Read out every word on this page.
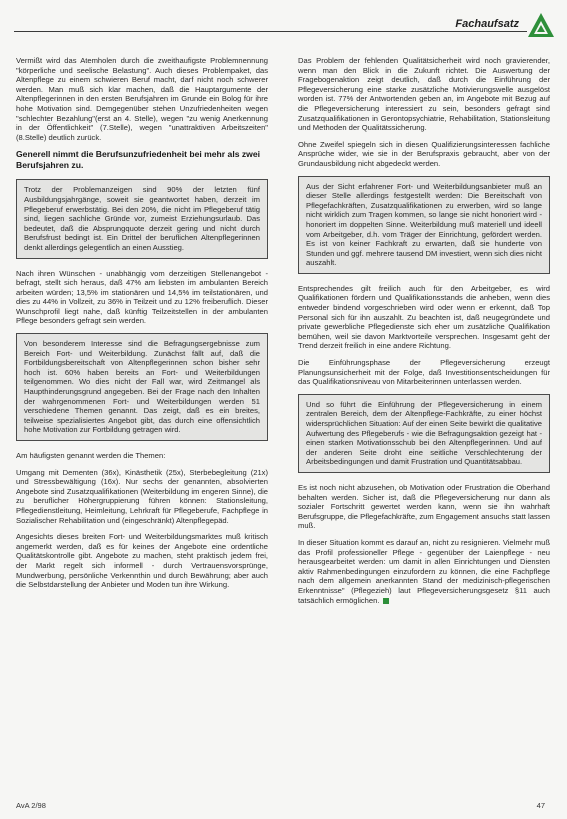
Fachaufsatz

Vermißt wird das Atemholen durch die zweithaufigste Problemnennung "körperliche und seelische Belastung". Auch dieses Problempaket, das Altenpflege zu einem schwieren Beruf macht, darf nicht noch schwerer werden. Man muß sich klar machen, daß die Hauptargumente der Altenpflegerinnen in den ersten Berufsjahren im Grunde ein Bolog für ihre hohe Motivation sind. Demgegenüber stehen Unzufriedenheiten wegen "schlechter Bezahlung"(erst an 4. Stelle), wegen "zu wenig Anerkennung in der Öffentlichkeit" (7.Stelle), wegen "unattraktiven Arbeitszeiten" (8.Stelle) deutlich zurück.

Generell nimmt die Berufsunzufriedenheit bei mehr als zwei Berufsjahren zu.

Trotz der Problemanzeigen sind 90% der letzten fünf Ausbildungsjahrgänge, soweit sie geantwortet haben, derzeit im Pflegeberuf erwerbstätig. Bei den 20%, die nicht im Pflegeberuf tätig sind, liegen sachliche Gründe vor, zumeist Erziehungsurlaub. Das bedeutet, daß die Absprungquote derzeit gering und nicht durch Berufsfrust bedingt ist. Ein Drittel der beruflichen Altenpflegerinnen denkt allerdings gelegentlich an einen Ausstieg.

Nach ihren Wünschen - unabhängig vom derzeitigen Stellenangebot - befragt, stellt sich heraus, daß 47% am liebsten im ambulanten Bereich arbeiten würden; 13,5% im stationären und 14,5% im teilstationären, und dies zu 44% in Vollzeit, zu 36% in Teilzeit und zu 12% freiberuflich. Dieser Wunschprofil liegt nahe, daß künftig Teilzeitstellen in der ambulanten Pflege besonders gefragt sein werden.

Von besonderem Interesse sind die Befragungsergebnisse zum Bereich Fort- und Weiterbildung. Zunächst fällt auf, daß die Fortbildungsbereitschaft von Altenpflegerinnen schon bisher sehr hoch ist. 60% haben bereits an Fort- und Weiterbildungen teilgenommen. Wo dies nicht der Fall war, wird Zeitmangel als Haupthinderungsgrund angegeben. Bei der Frage nach den Inhalten der wahrgenommenen Fort- und Weiterbildungen werden 51 verschiedene Themen genannt. Das zeigt, daß es ein breites, teilweise spezialisiertes Angebot gibt, das durch eine offensichtlich hohe Motivation zur Fortbildung getragen wird.

Am häufigsten genannt werden die Themen:

Umgang mit Dementen (36x), Kinästhetik (25x), Sterbebegleitung (21x) und Stressbewältigung (16x). Nur sechs der genannten, absolvierten Angebote sind Zusatzqualifikationen (Weiterbildung im engeren Sinne), die zu beruflicher Höhergruppierung führen können: Stationsleitung, Pflegedienstleitung, Heimleitung, Lehrkraft für Pflegeberufe, Fachpflege in Sozialischer Rehabilitation und (eingeschränkt) Altenpflegepäd.

Angesichts dieses breiten Fort- und Weiterbildungsmarktes muß kritisch angemerkt werden, daß es für keines der Angebote eine ordentliche Qualitätskontrolle gibt. Angebote zu machen, steht praktisch jedem frei, der Markt regelt sich informell - durch Vertrauensvorsprünge, Mundwerbung, persönliche Verkennthin und durch Bewährung; aber auch die Selbstdarstellung der Anbieter und Moden tun ihre Wirkung.

Das Problem der fehlenden Qualitätsicherheit wird noch gravierender, wenn man den Blick in die Zukunft richtet. Die Auswertung der Fragebogenaktion zeigt deutlich, daß durch die Einführung der Pflegeversicherung eine starke zusätzliche Motivierungswelle ausgelöst worden ist. 77% der Antwortenden geben an, im Angebote mit Bezug auf die Pflegeversicherung interessiert zu sein, besonders gefragt sind Zusatzqualifikationen in Gerontopsychiatrie, Rehabilitation, Stationsleitung und Methoden der Qualitätssicherung.

Ohne Zweifel spiegeln sich in diesen Qualifizierungsinteressen fachliche Ansprüche wider, wie sie in der Berufspraxis gebraucht, aber von der Grundausbildung nicht abgedeckt werden.

Aus der Sicht erfahrener Fort- und Weiterbildungsanbieter muß an dieser Stelle allerdings festgestellt werden: Die Bereitschaft von Pflegefachkräften, Zusatzqualifikationen zu erwerben, wird so lange nicht wirklich zum Tragen kommen, so lange sie nicht honoriert wird - honoriert im doppelten Sinne. Weiterbildung muß materiell und ideell vom Arbeitgeber, d.h. vom Träger der Einrichtung, gefördert werden. Es ist von keiner Fachkraft zu erwarten, daß sie hunderte von Stunden und ggf. mehrere tausend DM investiert, wenn sich dies nicht auszahlt.

Entsprechendes gilt freilich auch für den Arbeitgeber, es wird Qualifikationen fördern und Qualifikationsstands die anheben, wenn dies entweder bindend vorgeschrieben wird oder wenn er erkennt, daß Top Personal sich für ihn auszahlt. Zu beachten ist, daß neugegründete und private gewerbliche Pflegedienste sich eher um zusätzliche Qualifikation bemühen, weil sie davon Marktvorteile versprechen. Insgesamt geht der Trend derzeit freilich in eine andere Richtung.

Die Einführungsphase der Pflegeversicherung erzeugt Planungsunsicherheit mit der Folge, daß Investitionsentscheidungen für das Qualifikationsniveau von Mitarbeiterinnen unterlassen werden.

Und so führt die Einführung der Pflegeversicherung in einem zentralen Bereich, dem der Altenpflege-Fachkräfte, zu einer höchst widersprüchlichen Situation: Auf der einen Seite bewirkt die qualitative Aufwertung des Pflegeberufs - wie die Befragungsaktion gezeigt hat - einen starken Motivationsschub bei den Altenpflegerinnen. Und auf der anderen Seite droht eine seitliche Verschlechterung der Arbeitsbedingungen und damit Frustration und Quantitätsabbau.

Es ist noch nicht abzusehen, ob Motivation oder Frustration die Oberhand behalten werden. Sicher ist, daß die Pflegeversicherung nur dann als sozialer Fortschritt gewertet werden kann, wenn sie ihn wahrhaft Berufsgruppe, die Pflegefachkräfte, zum Engagement ansuchs statt lassen muß.

In dieser Situation kommt es darauf an, nicht zu resignieren. Vielmehr muß das Profil professioneller Pflege - gegenüber der Laienpflege - neu herausgearbeitet werden: um damit in allen Einrichtungen und Diensten aktiv Rahmenbedingungen einzufordern zu können, die eine Fachpflege nach dem allgemein anerkannten Stand der medizinisch-pflegerischen Erkenntnisse" (Pflegezieh) laut Pflegeversicherungsgesetz §11 auch tatsächlich ermöglichen.

AvA 2/98	47
